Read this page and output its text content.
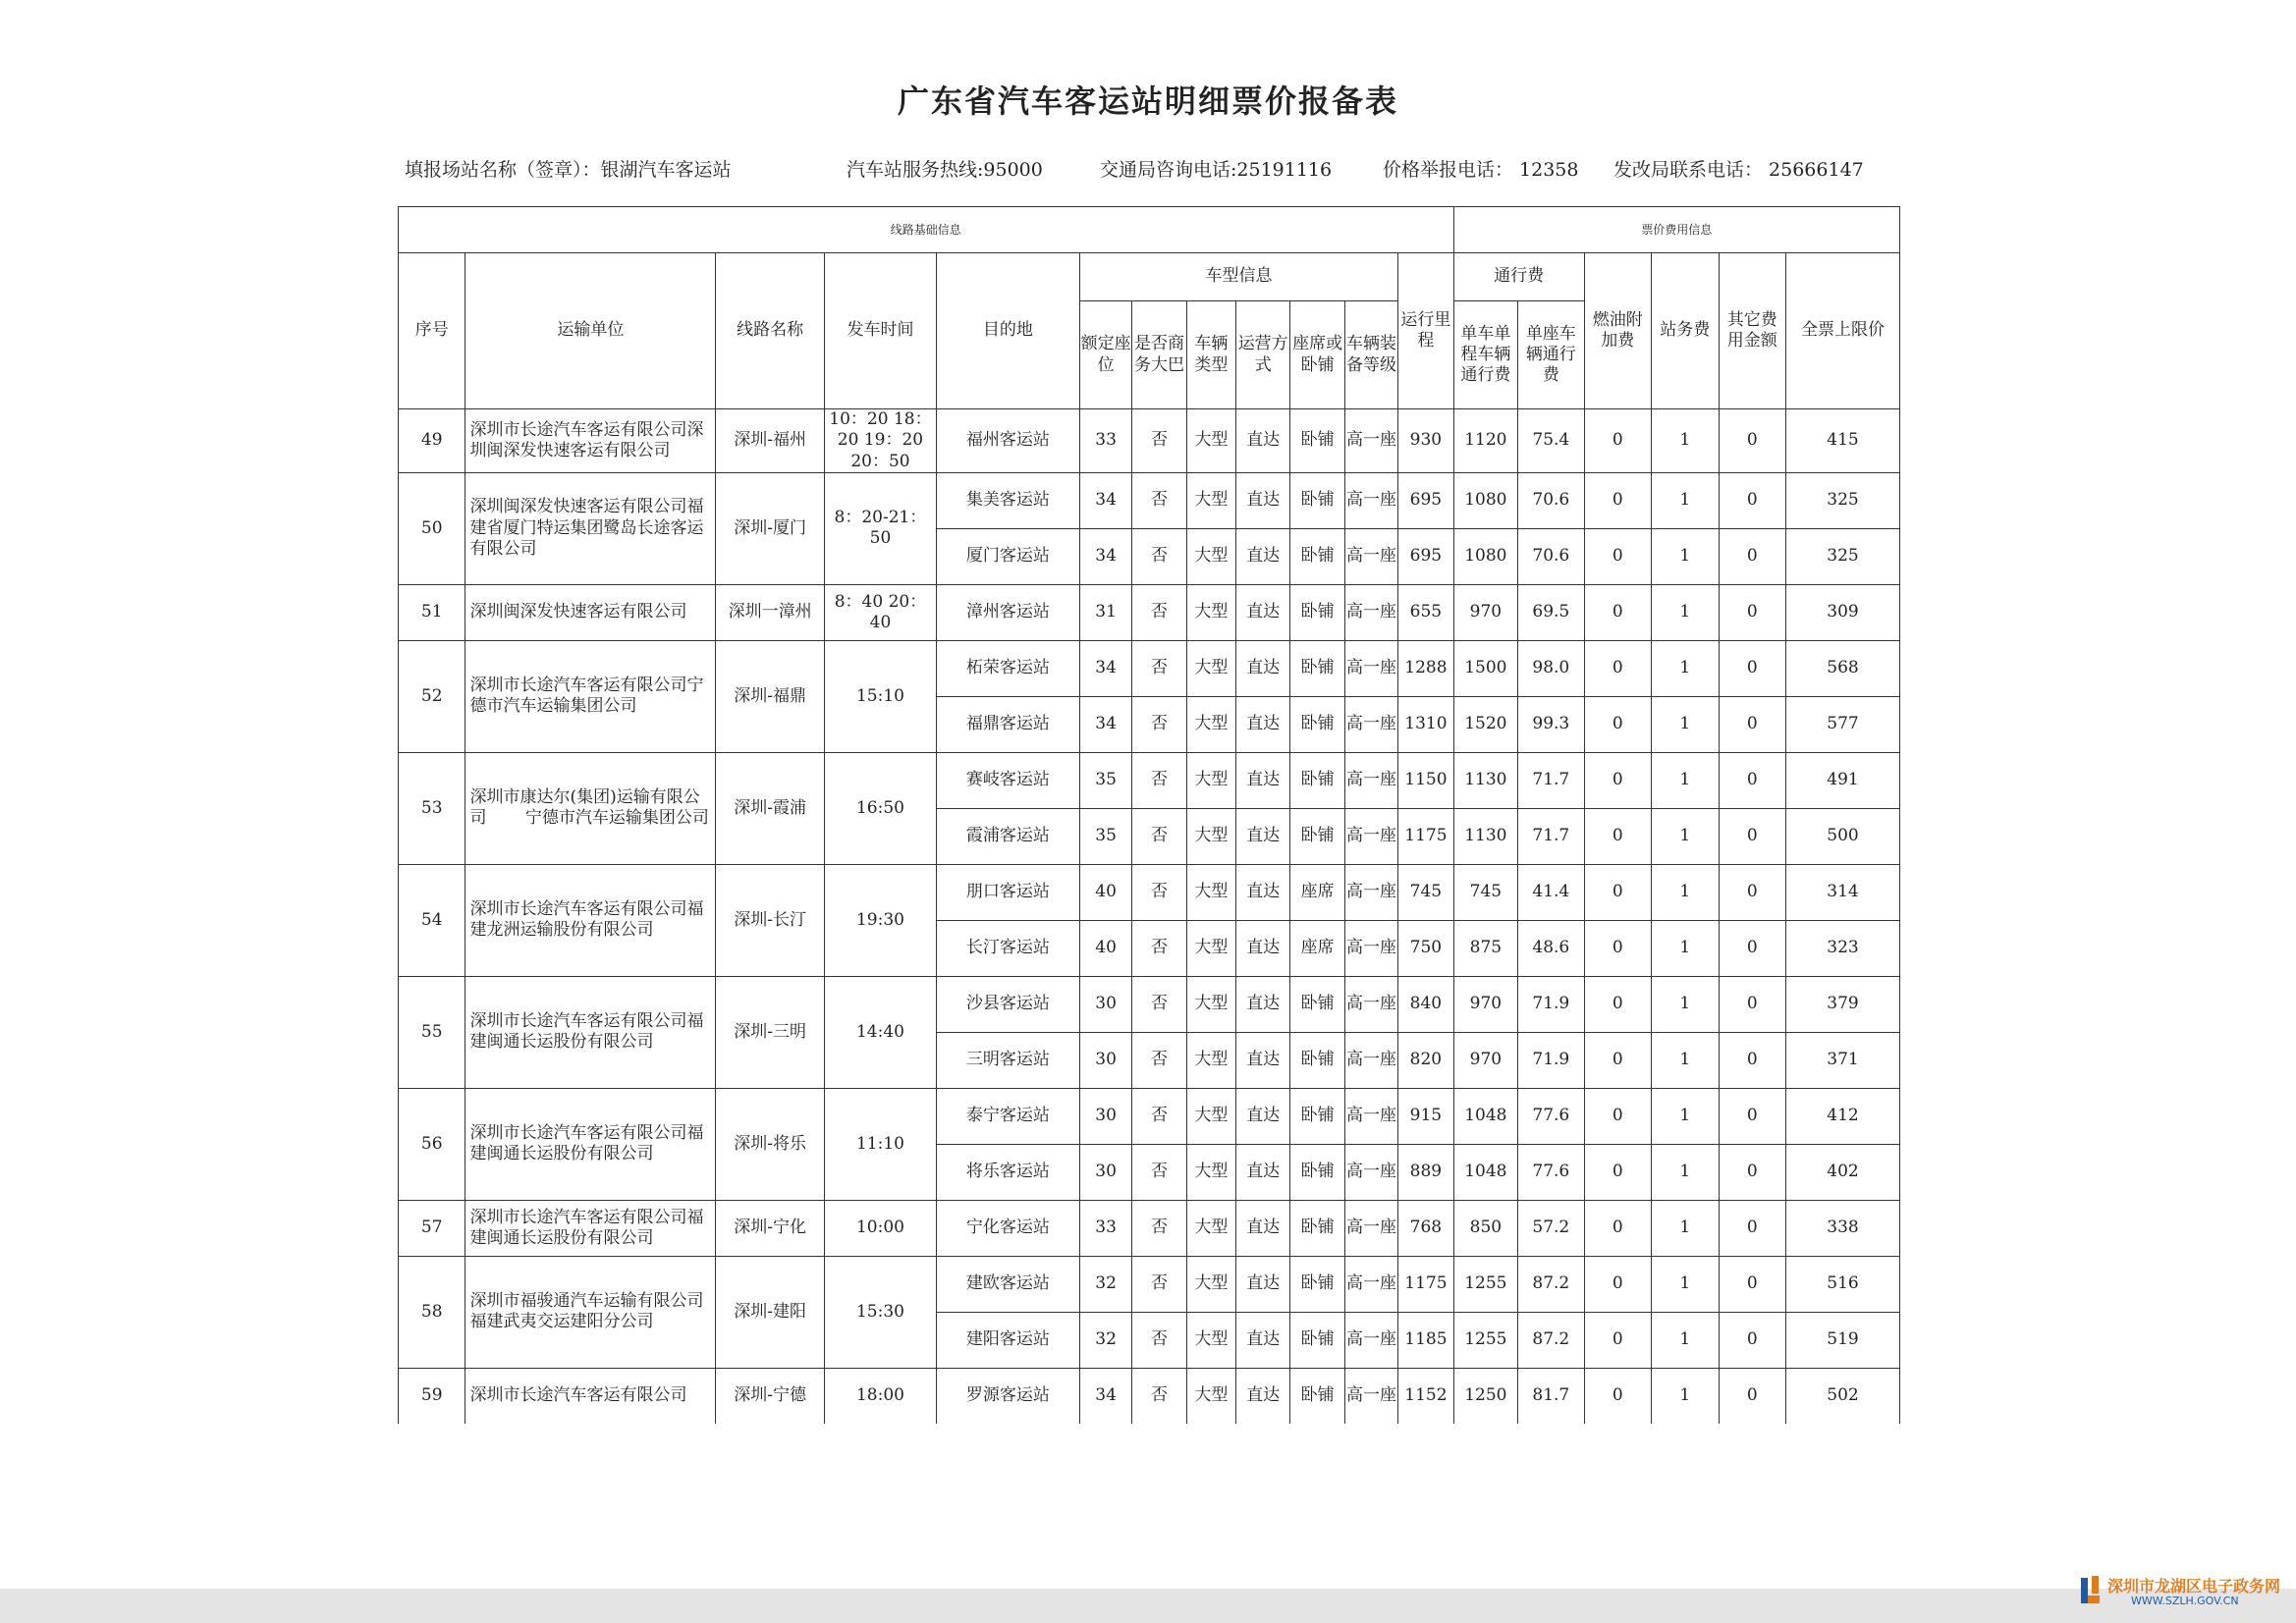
广东省汽车客运站明细票价报备表
填报场站名称（签章）：银湖汽车客运站	汽车站服务热线:95000	交通局咨询电话:25191116	价格举报电话： 12358 发改局联系电话： 25666147
线路基础信息												票价费用信息					
序号	运输单位	线路名称	发车时间	目的地	车型信息						运行里程	通行费		燃油附加费	站务费	其它费用金额	全票上限价
					额定座位	是否商务大巴	车辆类型	运营方式	座席或卧铺	车辆装备等级		单车单程车辆通行费	单座车辆通行费				
49	深圳市长途汽车客运有限公司深圳闽深发快速客运有限公司	深圳-福州	10：20 18：20 19：20 20：50	福州客运站	33	否	大型	直达	卧铺	高一座	930	1120	75.4	0	1	0	415
50	深圳闽深发快速客运有限公司福建省厦门特运集团鹭岛长途客运有限公司	深圳-厦门	8：20-21：50	集美客运站	34	否	大型	直达	卧铺	高一座	695	1080	70.6	0	1	0	325
				厦门客运站	34	否	大型	直达	卧铺	高一座	695	1080	70.6	0	1	0	325
51	深圳闽深发快速客运有限公司	深圳一漳州	8：40 20：40	漳州客运站	31	否	大型	直达	卧铺	高一座	655	970	69.5	0	1	0	309
52	深圳市长途汽车客运有限公司宁德市汽车运输集团公司	深圳-福鼎	15:10	柘荣客运站	34	否	大型	直达	卧铺	高一座	1288	1500	98.0	0	1	0	568
				福鼎客运站	34	否	大型	直达	卧铺	高一座	1310	1520	99.3	0	1	0	577
53	深圳市康达尔(集团)运输有限公司　　 宁德市汽车运输集团公司	深圳-霞浦	16:50	赛岐客运站	35	否	大型	直达	卧铺	高一座	1150	1130	71.7	0	1	0	491
				霞浦客运站	35	否	大型	直达	卧铺	高一座	1175	1130	71.7	0	1	0	500
54	深圳市长途汽车客运有限公司福建龙洲运输股份有限公司	深圳-长汀	19:30	朋口客运站	40	否	大型	直达	座席	高一座	745	745	41.4	0	1	0	314
				长汀客运站	40	否	大型	直达	座席	高一座	750	875	48.6	0	1	0	323
55	深圳市长途汽车客运有限公司福建闽通长运股份有限公司	深圳-三明	14:40	沙县客运站	30	否	大型	直达	卧铺	高一座	840	970	71.9	0	1	0	379
				三明客运站	30	否	大型	直达	卧铺	高一座	820	970	71.9	0	1	0	371
56	深圳市长途汽车客运有限公司福建闽通长运股份有限公司	深圳-将乐	11:10	泰宁客运站	30	否	大型	直达	卧铺	高一座	915	1048	77.6	0	1	0	412
				将乐客运站	30	否	大型	直达	卧铺	高一座	889	1048	77.6	0	1	0	402
57	深圳市长途汽车客运有限公司福建闽通长运股份有限公司	深圳-宁化	10:00	宁化客运站	33	否	大型	直达	卧铺	高一座	768	850	57.2	0	1	0	338
58	深圳市福骏通汽车运输有限公司　　　 福建武夷交运建阳分公司	深圳-建阳	15:30	建欧客运站	32	否	大型	直达	卧铺	高一座	1175	1255	87.2	0	1	0	516
				建阳客运站	32	否	大型	直达	卧铺	高一座	1185	1255	87.2	0	1	0	519
59	深圳市长途汽车客运有限公司	深圳-宁德	18:00	罗源客运站	34	否	大型	直达	卧铺	高一座	1152	1250	81.7	0	1	0	502
深圳市龙湖区电子政务网
WWW.SZLH.GOV.CN
